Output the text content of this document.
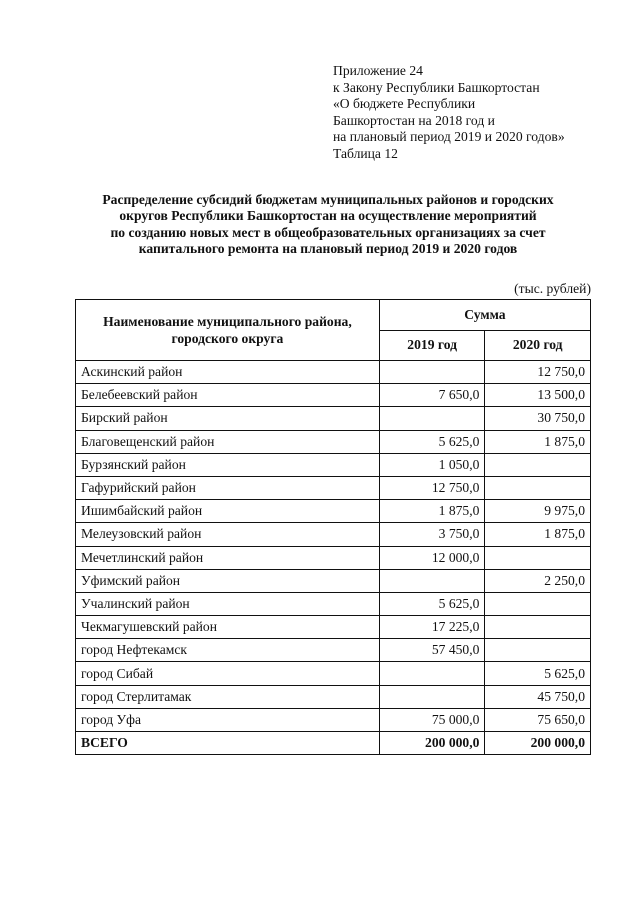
Приложение 24
к Закону Республики Башкортостан
«О бюджете Республики
Башкортостан на 2018 год и
на плановый период 2019 и 2020 годов»
Таблица 12
Распределение субсидий бюджетам муниципальных районов и городских
округов Республики Башкортостан на осуществление мероприятий
по созданию новых мест в общеобразовательных организациях за счет
капитального ремонта на плановый период 2019 и 2020 годов
(тыс. рублей)
Наименование муниципального района,
городского округа	Сумма	
	2019 год	2020 год
Аскинский район		12 750,0
Белебеевский район	7 650,0	13 500,0
Бирский район		30 750,0
Благовещенский район	5 625,0	1 875,0
Бурзянский район	1 050,0	
Гафурийский район	12 750,0	
Ишимбайский район	1 875,0	9 975,0
Мелеузовский район	3 750,0	1 875,0
Мечетлинский район	12 000,0	
Уфимский район		2 250,0
Учалинский район	5 625,0	
Чекмагушевский район	17 225,0	
город Нефтекамск	57 450,0	
город Сибай		5 625,0
город Стерлитамак		45 750,0
город Уфа	75 000,0	75 650,0
ВСЕГО	200 000,0	200 000,0
